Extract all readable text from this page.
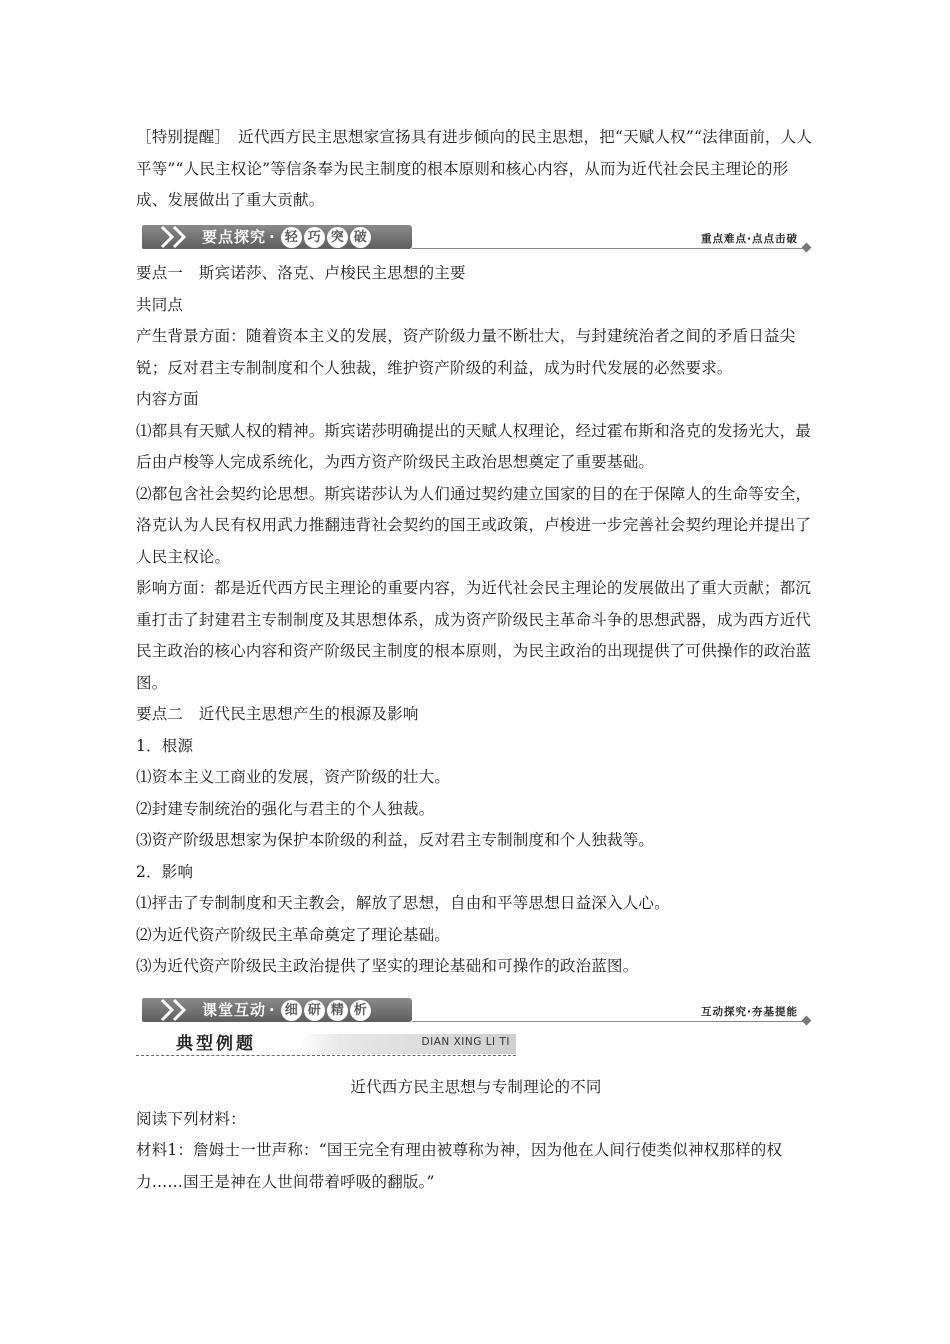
［特别提醒］　近代西方民主思想家宣扬具有进步倾向的民主思想，把“天赋人权”“法律面前，人人平等”“人民主权论”等信条奉为民主制度的根本原则和核心内容，从而为近代社会民主理论的形成、发展做出了重大贡献。

要点探究 · 轻 巧 突 破	重点难点·点点击破

要点一　斯宾诺莎、洛克、卢梭民主思想的主要

共同点

产生背景方面：随着资本主义的发展，资产阶级力量不断壮大，与封建统治者之间的矛盾日益尖锐；反对君主专制制度和个人独裁，维护资产阶级的利益，成为时代发展的必然要求。

内容方面

⑴都具有天赋人权的精神。斯宾诺莎明确提出的天赋人权理论，经过霍布斯和洛克的发扬光大，最后由卢梭等人完成系统化，为西方资产阶级民主政治思想奠定了重要基础。

⑵都包含社会契约论思想。斯宾诺莎认为人们通过契约建立国家的目的在于保障人的生命等安全，洛克认为人民有权用武力推翻违背社会契约的国王或政策，卢梭进一步完善社会契约理论并提出了人民主权论。

影响方面：都是近代西方民主理论的重要内容，为近代社会民主理论的发展做出了重大贡献；都沉重打击了封建君主专制制度及其思想体系，成为资产阶级民主革命斗争的思想武器，成为西方近代民主政治的核心内容和资产阶级民主制度的根本原则，为民主政治的出现提供了可供操作的政治蓝图。

要点二　近代民主思想产生的根源及影响

1．根源

⑴资本主义工商业的发展，资产阶级的壮大。

⑵封建专制统治的强化与君主的个人独裁。

⑶资产阶级思想家为保护本阶级的利益，反对君主专制制度和个人独裁等。

2．影响

⑴抨击了专制制度和天主教会，解放了思想，自由和平等思想日益深入人心。

⑵为近代资产阶级民主革命奠定了理论基础。

⑶为近代资产阶级民主政治提供了坚实的理论基础和可操作的政治蓝图。

课堂互动 · 细 研 精 析	互动探究·夯基提能
典型例题	DIAN XING LI TI

近代西方民主思想与专制理论的不同

阅读下列材料：

材料1：詹姆士一世声称：“国王完全有理由被尊称为神，因为他在人间行使类似神权那样的权力……国王是神在人世间带着呼吸的翻版。”
